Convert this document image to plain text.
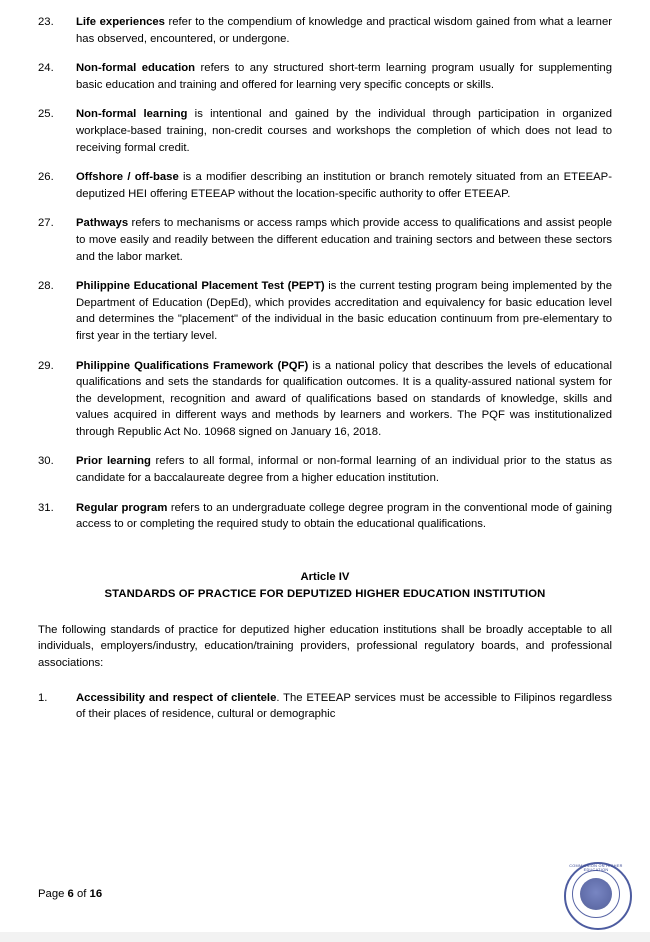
23.	Life experiences refer to the compendium of knowledge and practical wisdom gained from what a learner has observed, encountered, or undergone.
24.	Non-formal education refers to any structured short-term learning program usually for supplementing basic education and training and offered for learning very specific concepts or skills.
25.	Non-formal learning is intentional and gained by the individual through participation in organized workplace-based training, non-credit courses and workshops the completion of which does not lead to receiving formal credit.
26.	Offshore / off-base is a modifier describing an institution or branch remotely situated from an ETEEAP-deputized HEI offering ETEEAP without the location-specific authority to offer ETEEAP.
27.	Pathways refers to mechanisms or access ramps which provide access to qualifications and assist people to move easily and readily between the different education and training sectors and between these sectors and the labor market.
28.	Philippine Educational Placement Test (PEPT) is the current testing program being implemented by the Department of Education (DepEd), which provides accreditation and equivalency for basic education level and determines the "placement" of the individual in the basic education continuum from pre-elementary to first year in the tertiary level.
29.	Philippine Qualifications Framework (PQF) is a national policy that describes the levels of educational qualifications and sets the standards for qualification outcomes. It is a quality-assured national system for the development, recognition and award of qualifications based on standards of knowledge, skills and values acquired in different ways and methods by learners and workers. The PQF was institutionalized through Republic Act No. 10968 signed on January 16, 2018.
30.	Prior learning refers to all formal, informal or non-formal learning of an individual prior to the status as candidate for a baccalaureate degree from a higher education institution.
31.	Regular program refers to an undergraduate college degree program in the conventional mode of gaining access to or completing the required study to obtain the educational qualifications.
Article IV
STANDARDS OF PRACTICE FOR DEPUTIZED HIGHER EDUCATION INSTITUTION
The following standards of practice for deputized higher education institutions shall be broadly acceptable to all individuals, employers/industry, education/training providers, professional regulatory boards, and professional associations:
1.	Accessibility and respect of clientele. The ETEEAP services must be accessible to Filipinos regardless of their places of residence, cultural or demographic
Page 6 of 16
COMMISSION ON HIGHER EDUCATION
